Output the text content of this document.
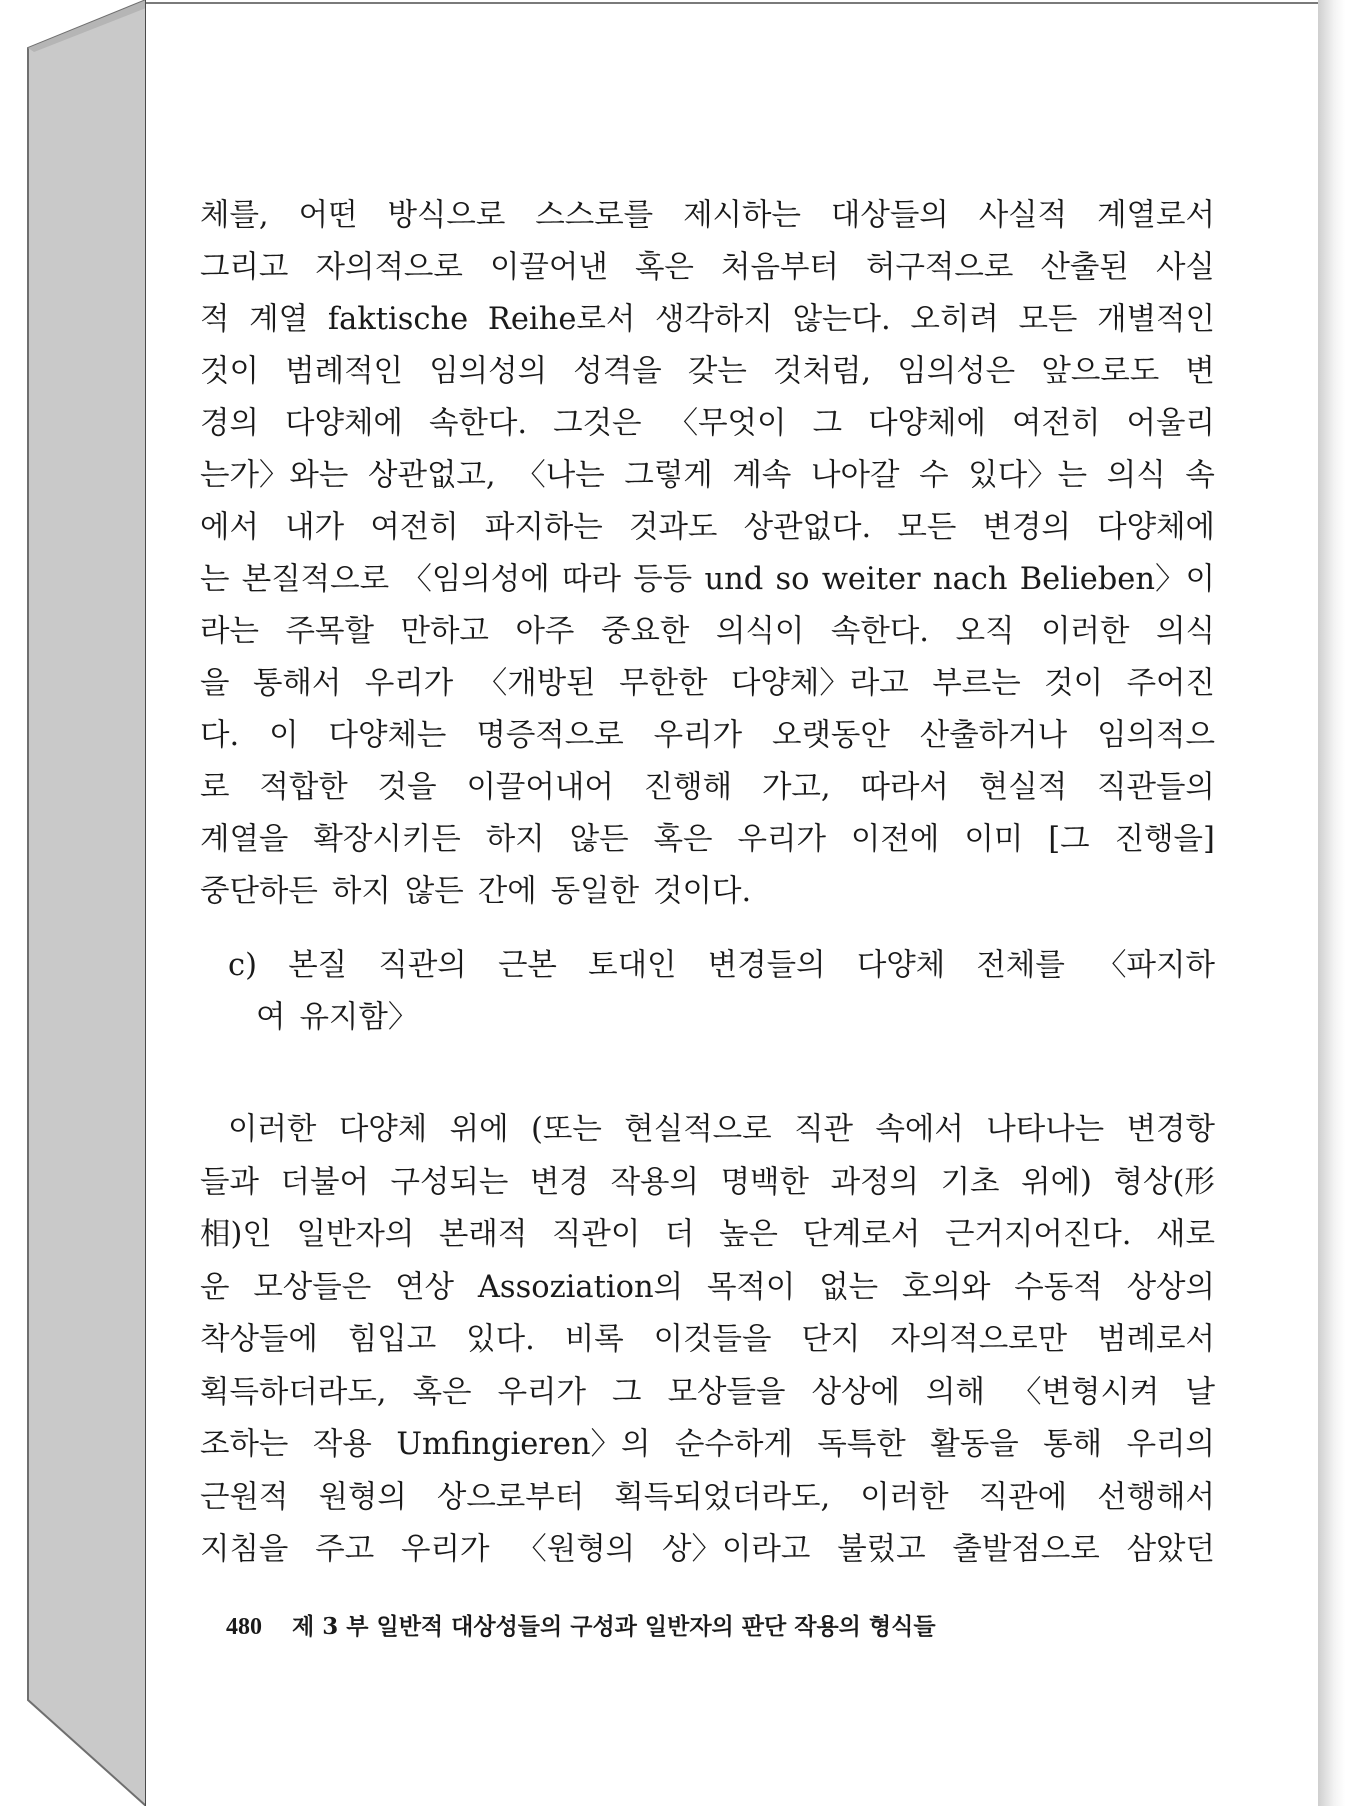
체를, 어떤 방식으로 스스로를 제시하는 대상들의 사실적 계열로서
그리고 자의적으로 이끌어낸 혹은 처음부터 허구적으로 산출된 사실
적 계열 faktische Reihe로서 생각하지 않는다. 오히려 모든 개별적인
것이 범례적인 임의성의 성격을 갖는 것처럼, 임의성은 앞으로도 변
경의 다양체에 속한다. 그것은 〈무엇이 그 다양체에 여전히 어울리
는가〉와는 상관없고, 〈나는 그렇게 계속 나아갈 수 있다〉는 의식 속
에서 내가 여전히 파지하는 것과도 상관없다. 모든 변경의 다양체에
는 본질적으로 〈임의성에 따라 등등 und so weiter nach Belieben〉이
라는 주목할 만하고 아주 중요한 의식이 속한다. 오직 이러한 의식
을 통해서 우리가 〈개방된 무한한 다양체〉라고 부르는 것이 주어진
다. 이 다양체는 명증적으로 우리가 오랫동안 산출하거나 임의적으
로 적합한 것을 이끌어내어 진행해 가고, 따라서 현실적 직관들의
계열을 확장시키든 하지 않든 혹은 우리가 이전에 이미 [그 진행을]
중단하든 하지 않든 간에 동일한 것이다.
c) 본질 직관의 근본 토대인 변경들의 다양체 전체를 〈파지하
여 유지함〉
이러한 다양체 위에 (또는 현실적으로 직관 속에서 나타나는 변경항
들과 더불어 구성되는 변경 작용의 명백한 과정의 기초 위에) 형상(形
相)인 일반자의 본래적 직관이 더 높은 단계로서 근거지어진다. 새로
운 모상들은 연상 Assoziation의 목적이 없는 호의와 수동적 상상의
착상들에 힘입고 있다. 비록 이것들을 단지 자의적으로만 범례로서
획득하더라도, 혹은 우리가 그 모상들을 상상에 의해 〈변형시켜 날
조하는 작용 Umfingieren〉의 순수하게 독특한 활동을 통해 우리의
근원적 원형의 상으로부터 획득되었더라도, 이러한 직관에 선행해서
지침을 주고 우리가 〈원형의 상〉이라고 불렀고 출발점으로 삼았던
480 제 3 부 일반적 대상성들의 구성과 일반자의 판단 작용의 형식들
